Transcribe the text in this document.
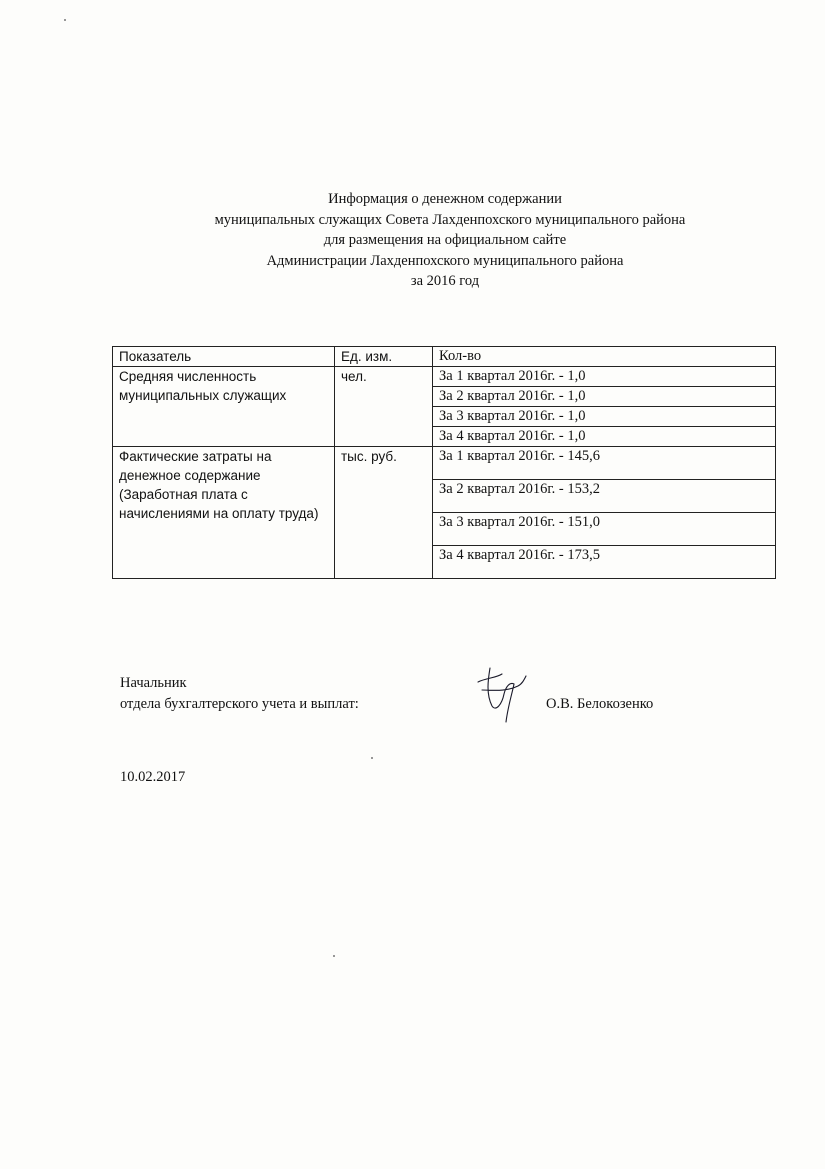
Информация о денежном содержании
муниципальных служащих Совета Лахденпохского муниципального района
для размещения на официальном сайте
Администрации Лахденпохского муниципального района
за 2016 год
Показатель	Ед. изм.	Кол-во
Средняя численность муниципальных служащих	чел.	За 1 квартал 2016г. - 1,0
		За 2 квартал 2016г. - 1,0
		За 3 квартал 2016г. - 1,0
		За 4 квартал 2016г. - 1,0
Фактические затраты на денежное содержание (Заработная плата с начислениями на оплату труда)	тыс. руб.	За 1 квартал 2016г. - 145,6
		За 2 квартал 2016г. - 153,2
		За 3 квартал 2016г. - 151,0
		За 4 квартал 2016г. - 173,5
Начальник
отдела бухгалтерского учета и выплат:	О.В. Белокозенко
10.02.2017
